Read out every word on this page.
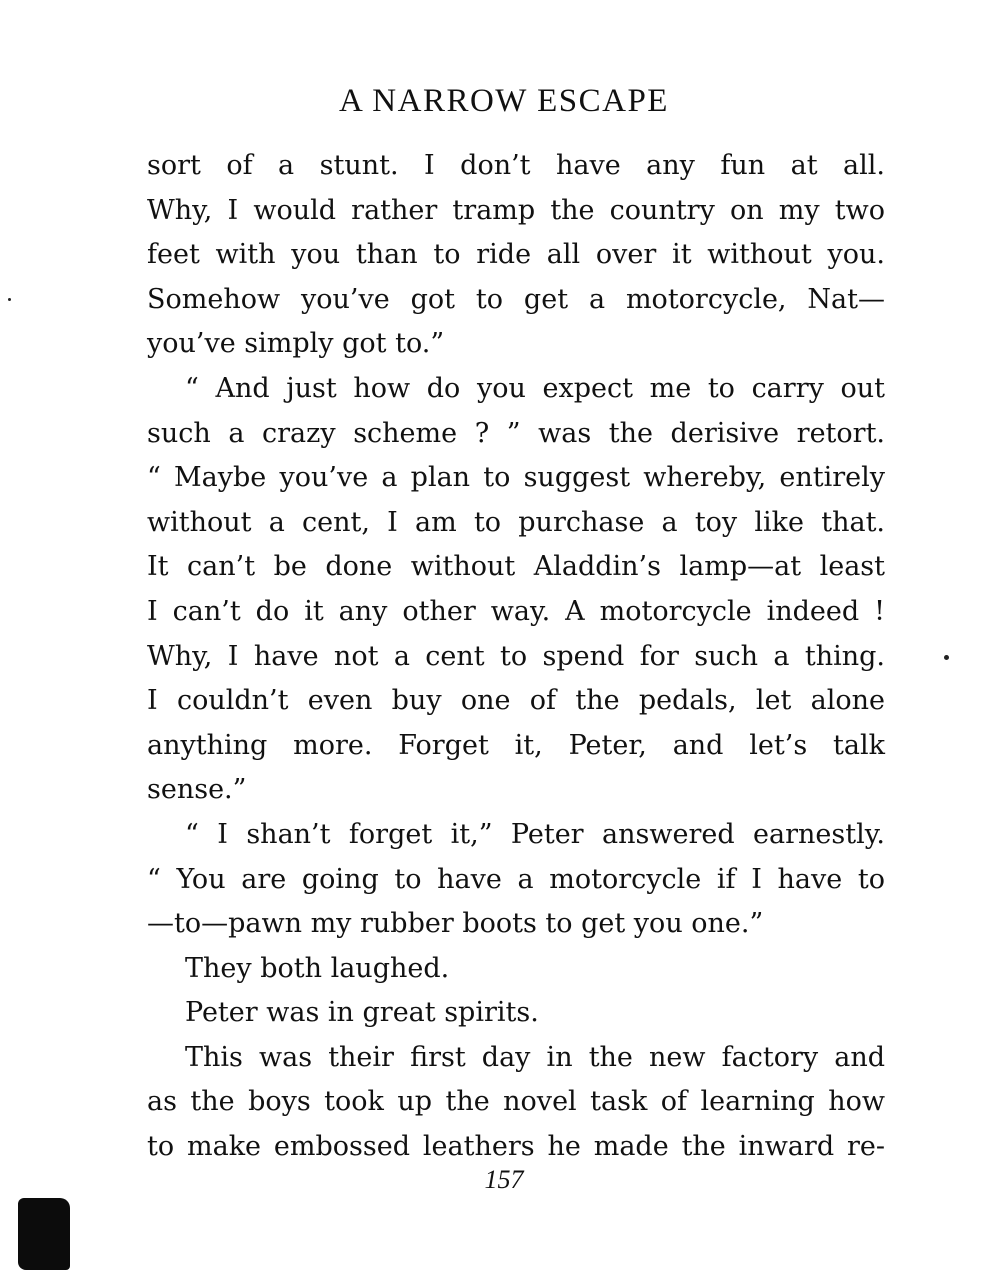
A NARROW ESCAPE
sort of a stunt. I don’t have any fun at all.
Why, I would rather tramp the country on my two
feet with you than to ride all over it without you.
Somehow you’ve got to get a motorcycle, Nat—
you’ve simply got to.”
“ And just how do you expect me to carry out
such a crazy scheme ? ” was the derisive retort.
“ Maybe you’ve a plan to suggest whereby, entirely
without a cent, I am to purchase a toy like that.
It can’t be done without Aladdin’s lamp—at least
I can’t do it any other way. A motorcycle indeed !
Why, I have not a cent to spend for such a thing.
I couldn’t even buy one of the pedals, let alone
anything more. Forget it, Peter, and let’s talk
sense.”
“ I shan’t forget it,” Peter answered earnestly.
“ You are going to have a motorcycle if I have to
—to—pawn my rubber boots to get you one.”
They both laughed.
Peter was in great spirits.
This was their first day in the new factory and
as the boys took up the novel task of learning how
to make embossed leathers he made the inward re-
157
